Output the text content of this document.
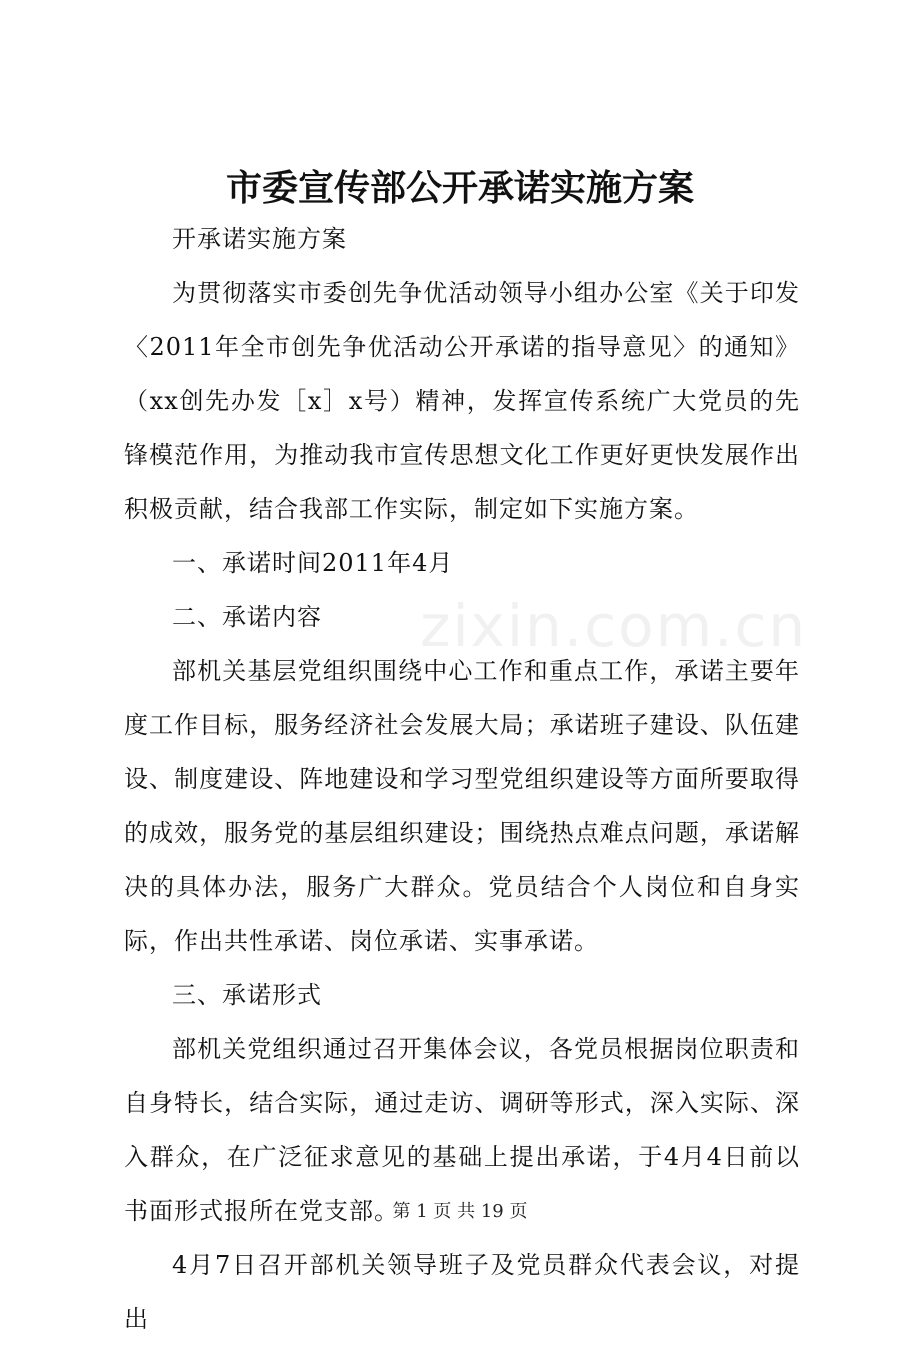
市委宣传部公开承诺实施方案

开承诺实施方案

为贯彻落实市委创先争优活动领导小组办公室《关于印发〈2011年全市创先争优活动公开承诺的指导意见〉的通知》（xx创先办发［x］x号）精神，发挥宣传系统广大党员的先锋模范作用，为推动我市宣传思想文化工作更好更快发展作出积极贡献，结合我部工作实际，制定如下实施方案。

一、承诺时间2011年4月

二、承诺内容

部机关基层党组织围绕中心工作和重点工作，承诺主要年度工作目标，服务经济社会发展大局；承诺班子建设、队伍建设、制度建设、阵地建设和学习型党组织建设等方面所要取得的成效，服务党的基层组织建设；围绕热点难点问题，承诺解决的具体办法，服务广大群众。党员结合个人岗位和自身实际，作出共性承诺、岗位承诺、实事承诺。

三、承诺形式

部机关党组织通过召开集体会议，各党员根据岗位职责和自身特长，结合实际，通过走访、调研等形式，深入实际、深入群众，在广泛征求意见的基础上提出承诺，于4月4日前以书面形式报所在党支部。

4月7日召开部机关领导班子及党员群众代表会议，对提出

zixin.com.cn
第 1 页 共 19 页
